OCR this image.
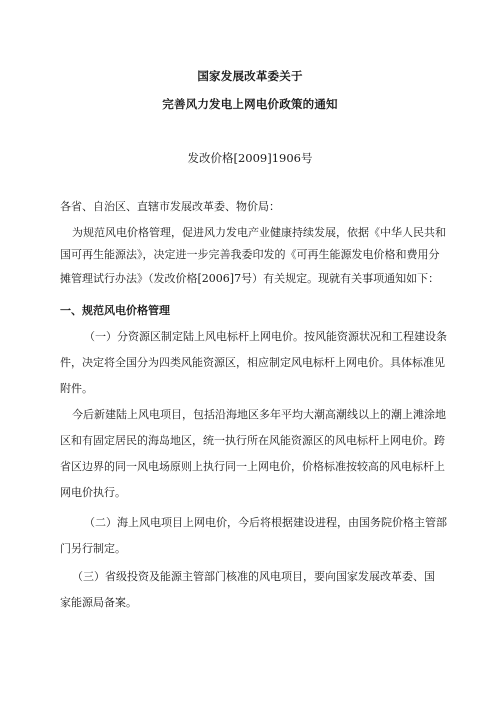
国家发展改革委关于

完善风力发电上网电价政策的通知

发改价格[2009]1906号

各省、自治区、直辖市发展改革委、物价局：

为规范风电价格管理，促进风力发电产业健康持续发展，依据《中华人民共和

国可再生能源法》，决定进一步完善我委印发的《可再生能源发电价格和费用分

摊管理试行办法》（发改价格[2006]7号）有关规定。现就有关事项通知如下：

一、规范风电价格管理

（一）分资源区制定陆上风电标杆上网电价。按风能资源状况和工程建设条

件，决定将全国分为四类风能资源区，相应制定风电标杆上网电价。具体标准见

附件。

今后新建陆上风电项目，包括沿海地区多年平均大潮高潮线以上的潮上滩涂地

区和有固定居民的海岛地区，统一执行所在风能资源区的风电标杆上网电价。跨

省区边界的同一风电场原则上执行同一上网电价，价格标准按较高的风电标杆上

网电价执行。

（二）海上风电项目上网电价，今后将根据建设进程，由国务院价格主管部

门另行制定。

（三）省级投资及能源主管部门核准的风电项目，要向国家发展改革委、国

家能源局备案。
